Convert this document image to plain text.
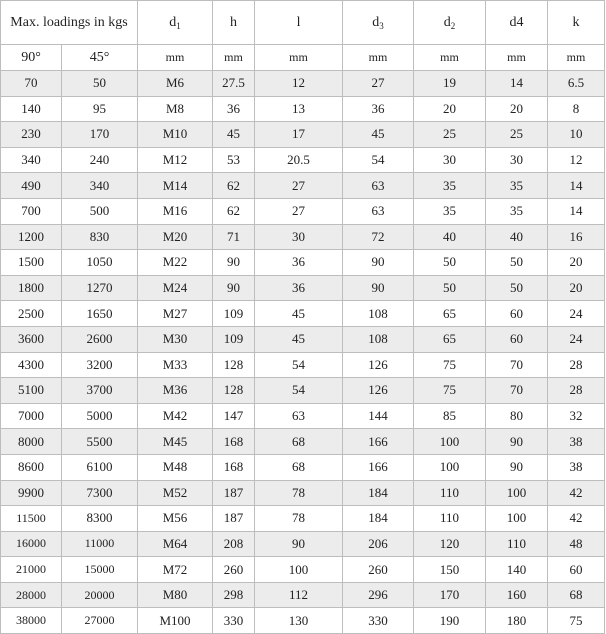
Max. loadings in kgs		$d_1$	h	l	$d_3$	$d_2$	d4	k
90°	45°	mm	mm	mm	mm	mm	mm	mm
70	50	M6	27.5	12	27	19	14	6.5
140	95	M8	36	13	36	20	20	8
230	170	M10	45	17	45	25	25	10
340	240	M12	53	20.5	54	30	30	12
490	340	M14	62	27	63	35	35	14
700	500	M16	62	27	63	35	35	14
1200	830	M20	71	30	72	40	40	16
1500	1050	M22	90	36	90	50	50	20
1800	1270	M24	90	36	90	50	50	20
2500	1650	M27	109	45	108	65	60	24
3600	2600	M30	109	45	108	65	60	24
4300	3200	M33	128	54	126	75	70	28
5100	3700	M36	128	54	126	75	70	28
7000	5000	M42	147	63	144	85	80	32
8000	5500	M45	168	68	166	100	90	38
8600	6100	M48	168	68	166	100	90	38
9900	7300	M52	187	78	184	110	100	42
11500	8300	M56	187	78	184	110	100	42
16000	11000	M64	208	90	206	120	110	48
21000	15000	M72	260	100	260	150	140	60
28000	20000	M80	298	112	296	170	160	68
38000	27000	M100	330	130	330	190	180	75
